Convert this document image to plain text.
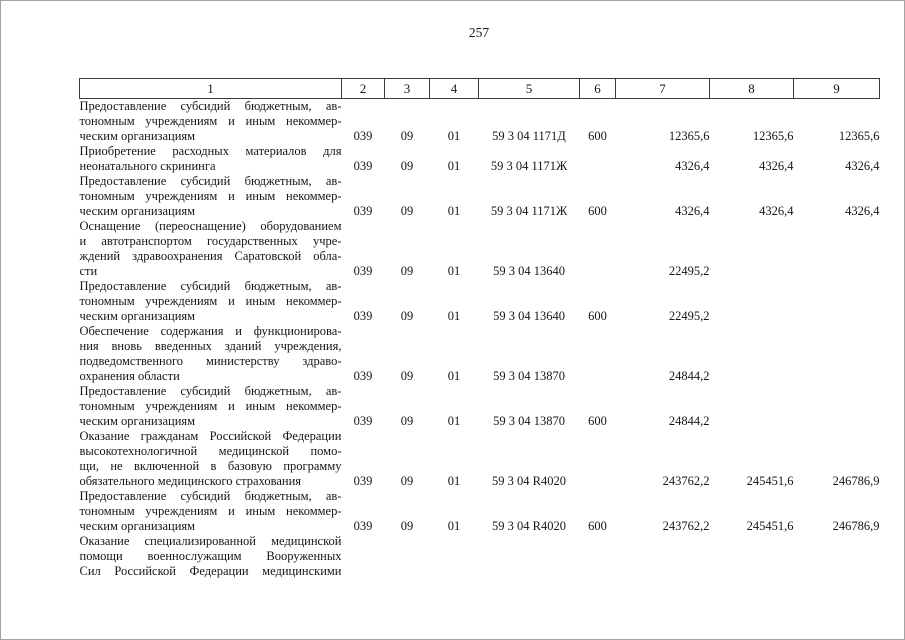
257
1	2	3	4	5	6	7	8	9

Предоставление субсидий бюджетным, ав-
тономным учреждениям и иным некоммер-
ческим организациям	039	09	01	59 3 04 1171Д	600	12365,6	12365,6	12365,6

Приобретение расходных материалов для
неонатального скрининга	039	09	01	59 3 04 1171Ж		4326,4	4326,4	4326,4

Предоставление субсидий бюджетным, ав-
тономным учреждениям и иным некоммер-
ческим организациям	039	09	01	59 3 04 1171Ж	600	4326,4	4326,4	4326,4

Оснащение (переоснащение) оборудованием
и автотранспортом государственных учре-
ждений здравоохранения Саратовской обла-
сти	039	09	01	59 3 04 13640		22495,2		

Предоставление субсидий бюджетным, ав-
тономным учреждениям и иным некоммер-
ческим организациям	039	09	01	59 3 04 13640	600	22495,2		

Обеспечение содержания и функционирова-
ния вновь введенных зданий учреждения,
подведомственного министерству здраво-
охранения области	039	09	01	59 3 04 13870		24844,2		

Предоставление субсидий бюджетным, ав-
тономным учреждениям и иным некоммер-
ческим организациям	039	09	01	59 3 04 13870	600	24844,2		

Оказание гражданам Российской Федерации
высокотехнологичной медицинской помо-
щи, не включенной в базовую программу
обязательного медицинского страхования	039	09	01	59 3 04 R4020		243762,2	245451,6	246786,9

Предоставление субсидий бюджетным, ав-
тономным учреждениям и иным некоммер-
ческим организациям	039	09	01	59 3 04 R4020	600	243762,2	245451,6	246786,9

Оказание специализированной медицинской
помощи военнослужащим Вооруженных
Сил Российской Федерации медицинскими								
